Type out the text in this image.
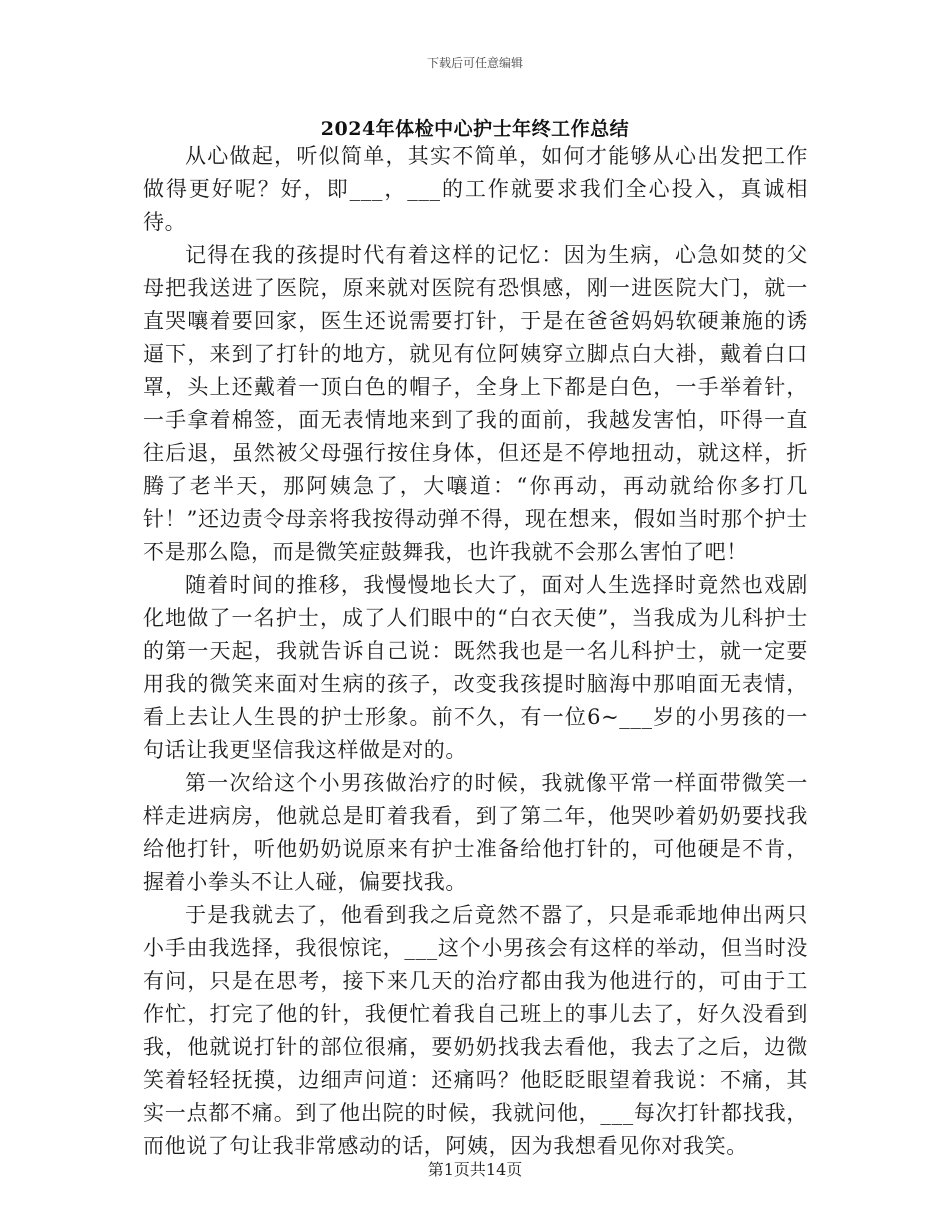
下载后可任意编辑
2024年体检中心护士年终工作总结

从心做起，听似简单，其实不简单，如何才能够从心出发把工作做得更好呢？好，即___，___的工作就要求我们全心投入，真诚相待。

记得在我的孩提时代有着这样的记忆：因为生病，心急如焚的父母把我送进了医院，原来就对医院有恐惧感，刚一进医院大门，就一直哭嚷着要回家，医生还说需要打针，于是在爸爸妈妈软硬兼施的诱逼下，来到了打针的地方，就见有位阿姨穿立脚点白大褂，戴着白口罩，头上还戴着一顶白色的帽子，全身上下都是白色，一手举着针，一手拿着棉签，面无表情地来到了我的面前，我越发害怕，吓得一直往后退，虽然被父母强行按住身体，但还是不停地扭动，就这样，折腾了老半天，那阿姨急了，大嚷道：“你再动，再动就给你多打几针！”还边责令母亲将我按得动弹不得，现在想来，假如当时那个护士不是那么隐，而是微笑症鼓舞我，也许我就不会那么害怕了吧！

随着时间的推移，我慢慢地长大了，面对人生选择时竟然也戏剧化地做了一名护士，成了人们眼中的“白衣天使”，当我成为儿科护士的第一天起，我就告诉自己说：既然我也是一名儿科护士，就一定要用我的微笑来面对生病的孩子，改变我孩提时脑海中那咱面无表情，看上去让人生畏的护士形象。前不久，有一位6~___岁的小男孩的一句话让我更坚信我这样做是对的。

第一次给这个小男孩做治疗的时候，我就像平常一样面带微笑一样走进病房，他就总是盯着我看，到了第二年，他哭吵着奶奶要找我给他打针，听他奶奶说原来有护士准备给他打针的，可他硬是不肯，握着小拳头不让人碰，偏要找我。

于是我就去了，他看到我之后竟然不嚣了，只是乖乖地伸出两只小手由我选择，我很惊诧，___这个小男孩会有这样的举动，但当时没有问，只是在思考，接下来几天的治疗都由我为他进行的，可由于工作忙，打完了他的针，我便忙着我自己班上的事儿去了，好久没看到我，他就说打针的部位很痛，要奶奶找我去看他，我去了之后，边微笑着轻轻抚摸，边细声问道：还痛吗？他眨眨眼望着我说：不痛，其实一点都不痛。到了他出院的时候，我就问他，___每次打针都找我，而他说了句让我非常感动的话，阿姨，因为我想看见你对我笑。

第1页共14页
